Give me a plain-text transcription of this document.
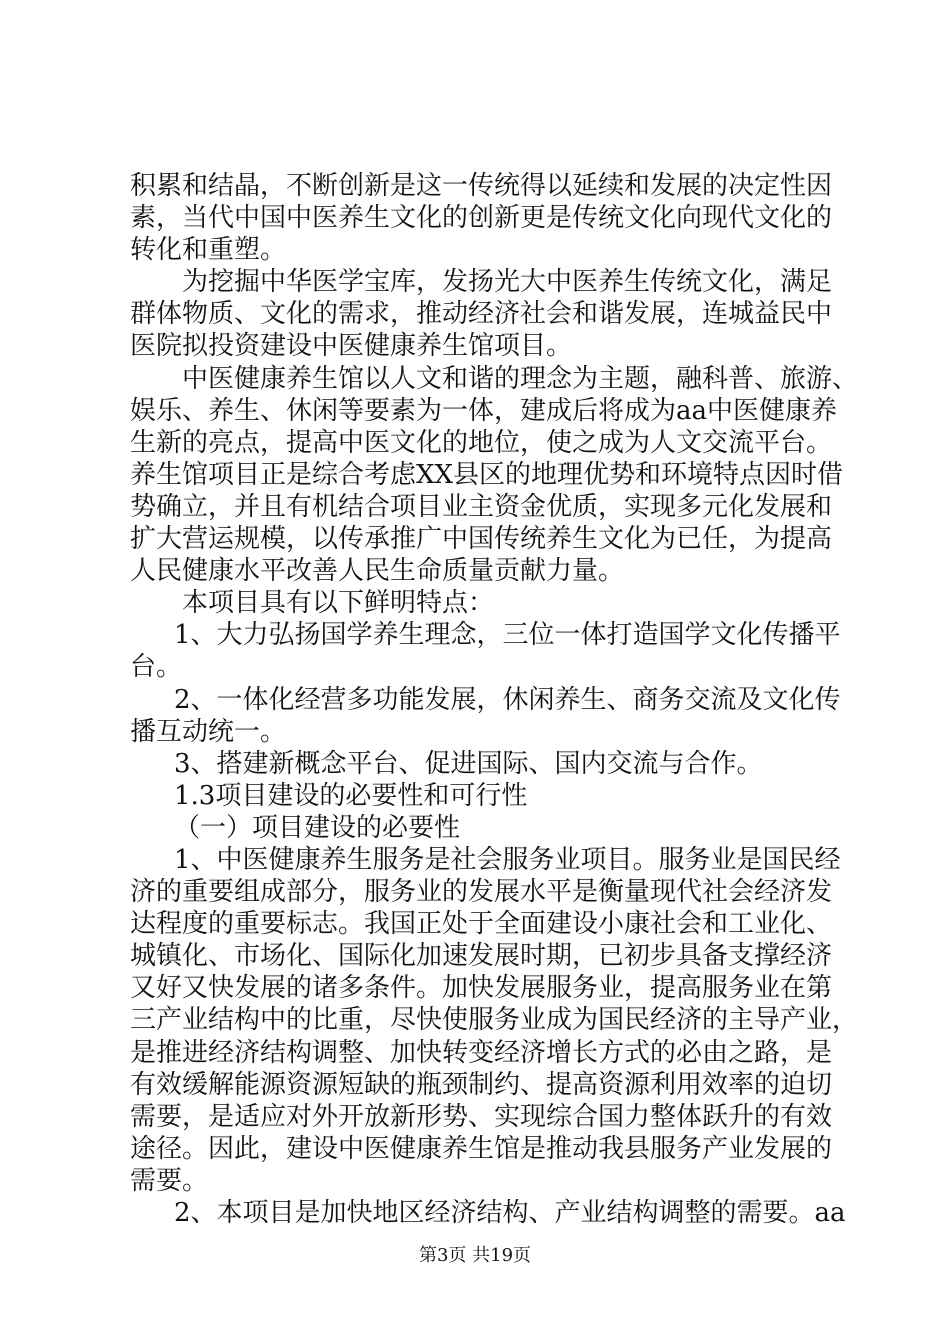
积累和结晶，不断创新是这一传统得以延续和发展的决定性因
素，当代中国中医养生文化的创新更是传统文化向现代文化的
转化和重塑。
为挖掘中华医学宝库，发扬光大中医养生传统文化，满足
群体物质、文化的需求，推动经济社会和谐发展，连城益民中
医院拟投资建设中医健康养生馆项目。
中医健康养生馆以人文和谐的理念为主题，融科普、旅游、
娱乐、养生、休闲等要素为一体，建成后将成为aa中医健康养
生新的亮点，提高中医文化的地位，使之成为人文交流平台。
养生馆项目正是综合考虑XX县区的地理优势和环境特点因时借
势确立，并且有机结合项目业主资金优质，实现多元化发展和
扩大营运规模，以传承推广中国传统养生文化为已任，为提高
人民健康水平改善人民生命质量贡献力量。
本项目具有以下鲜明特点：
1、大力弘扬国学养生理念，三位一体打造国学文化传播平
台。
2、一体化经营多功能发展，休闲养生、商务交流及文化传
播互动统一。
3、搭建新概念平台、促进国际、国内交流与合作。
1.3项目建设的必要性和可行性
（一）项目建设的必要性
1、中医健康养生服务是社会服务业项目。服务业是国民经
济的重要组成部分，服务业的发展水平是衡量现代社会经济发
达程度的重要标志。我国正处于全面建设小康社会和工业化、
城镇化、市场化、国际化加速发展时期，已初步具备支撑经济
又好又快发展的诸多条件。加快发展服务业，提高服务业在第
三产业结构中的比重，尽快使服务业成为国民经济的主导产业，
是推进经济结构调整、加快转变经济增长方式的必由之路，是
有效缓解能源资源短缺的瓶颈制约、提高资源利用效率的迫切
需要，是适应对外开放新形势、实现综合国力整体跃升的有效
途径。因此，建设中医健康养生馆是推动我县服务产业发展的
需要。
2、本项目是加快地区经济结构、产业结构调整的需要。aa
第3页 共19页
